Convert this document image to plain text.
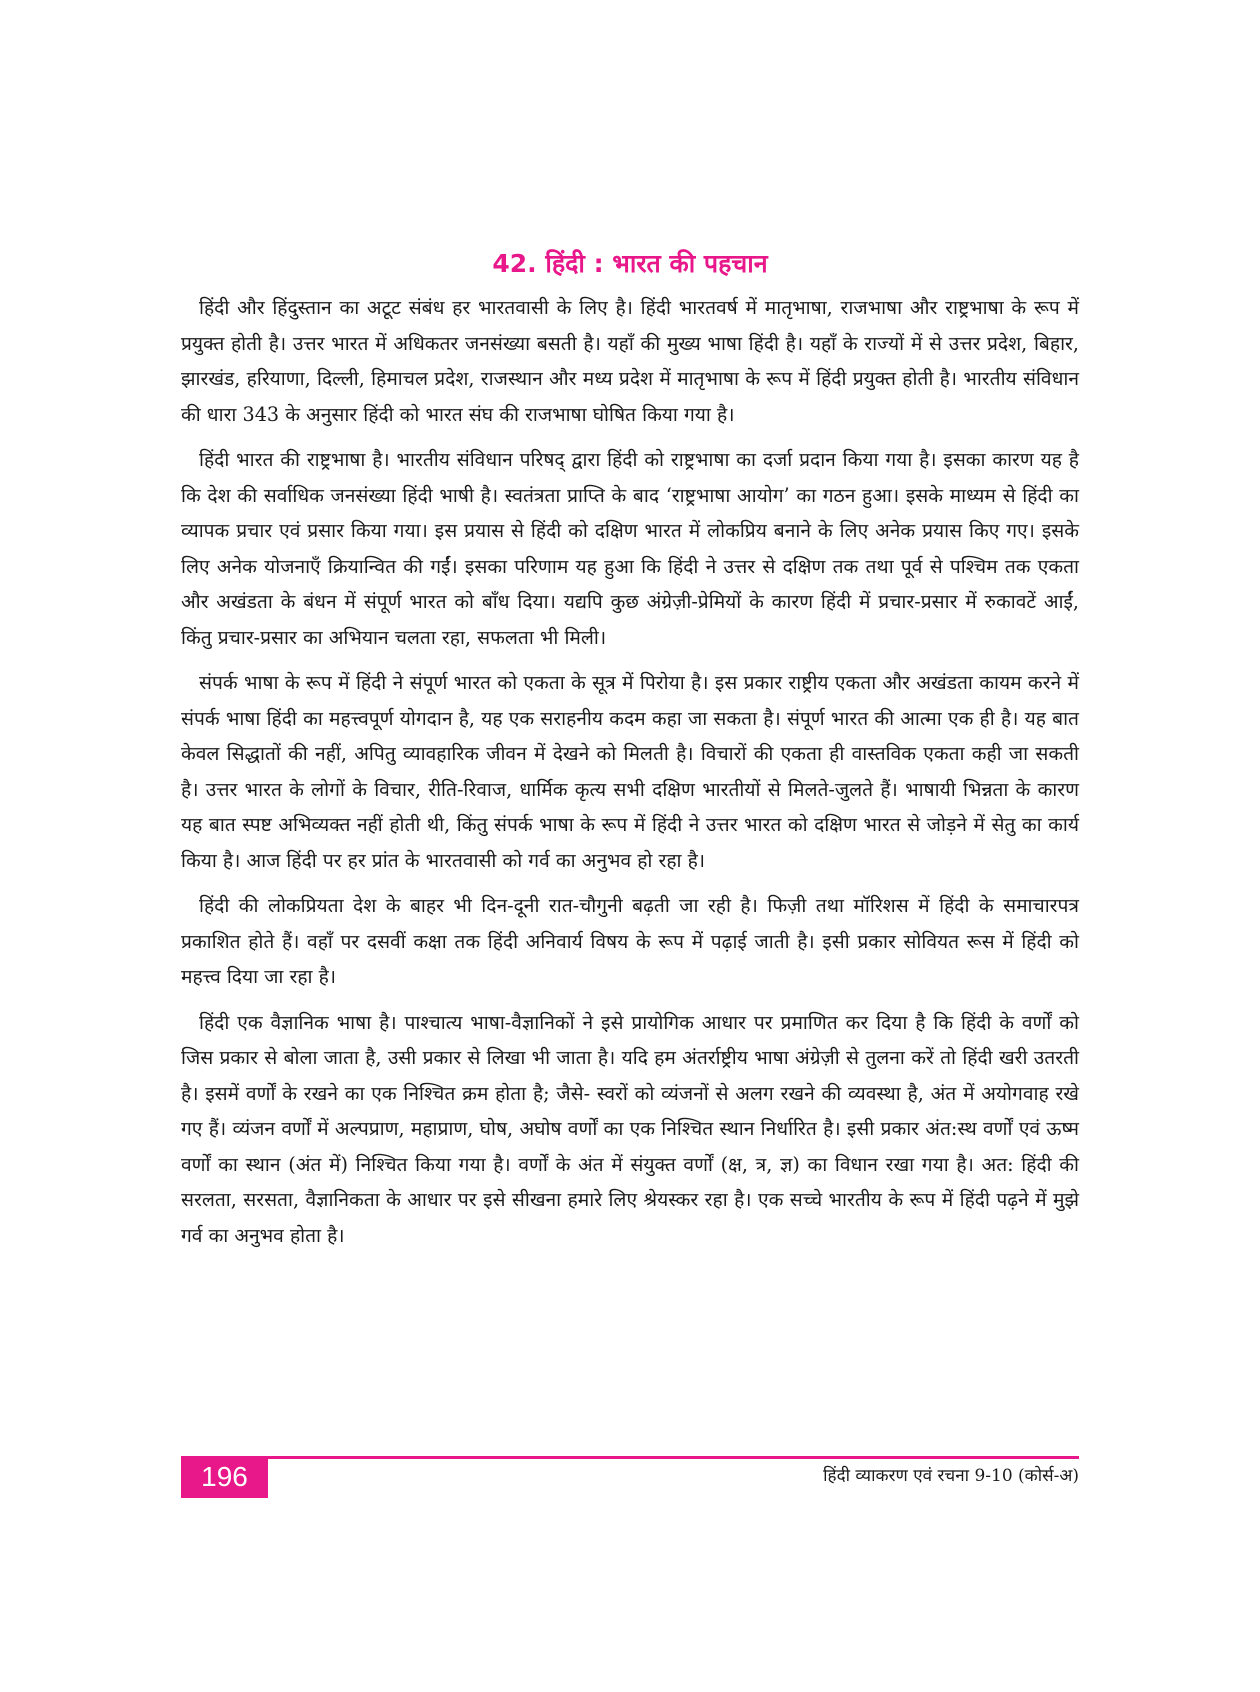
42. हिंदी : भारत की पहचान

हिंदी और हिंदुस्तान का अटूट संबंध हर भारतवासी के लिए है। हिंदी भारतवर्ष में मातृभाषा, राजभाषा और राष्ट्रभाषा के रूप में प्रयुक्त होती है। उत्तर भारत में अधिकतर जनसंख्या बसती है। यहाँ की मुख्य भाषा हिंदी है। यहाँ के राज्यों में से उत्तर प्रदेश, बिहार, झारखंड, हरियाणा, दिल्ली, हिमाचल प्रदेश, राजस्थान और मध्य प्रदेश में मातृभाषा के रूप में हिंदी प्रयुक्त होती है। भारतीय संविधान की धारा 343 के अनुसार हिंदी को भारत संघ की राजभाषा घोषित किया गया है।

हिंदी भारत की राष्ट्रभाषा है। भारतीय संविधान परिषद् द्वारा हिंदी को राष्ट्रभाषा का दर्जा प्रदान किया गया है। इसका कारण यह है कि देश की सर्वाधिक जनसंख्या हिंदी भाषी है। स्वतंत्रता प्राप्ति के बाद ‘राष्ट्रभाषा आयोग’ का गठन हुआ। इसके माध्यम से हिंदी का व्यापक प्रचार एवं प्रसार किया गया। इस प्रयास से हिंदी को दक्षिण भारत में लोकप्रिय बनाने के लिए अनेक प्रयास किए गए। इसके लिए अनेक योजनाएँ क्रियान्वित की गईं। इसका परिणाम यह हुआ कि हिंदी ने उत्तर से दक्षिण तक तथा पूर्व से पश्चिम तक एकता और अखंडता के बंधन में संपूर्ण भारत को बाँध दिया। यद्यपि कुछ अंग्रेज़ी-प्रेमियों के कारण हिंदी में प्रचार-प्रसार में रुकावटें आईं, किंतु प्रचार-प्रसार का अभियान चलता रहा, सफलता भी मिली।

संपर्क भाषा के रूप में हिंदी ने संपूर्ण भारत को एकता के सूत्र में पिरोया है। इस प्रकार राष्ट्रीय एकता और अखंडता कायम करने में संपर्क भाषा हिंदी का महत्त्वपूर्ण योगदान है, यह एक सराहनीय कदम कहा जा सकता है। संपूर्ण भारत की आत्मा एक ही है। यह बात केवल सिद्धातों की नहीं, अपितु व्यावहारिक जीवन में देखने को मिलती है। विचारों की एकता ही वास्तविक एकता कही जा सकती है। उत्तर भारत के लोगों के विचार, रीति-रिवाज, धार्मिक कृत्य सभी दक्षिण भारतीयों से मिलते-जुलते हैं। भाषायी भिन्नता के कारण यह बात स्पष्ट अभिव्यक्त नहीं होती थी, किंतु संपर्क भाषा के रूप में हिंदी ने उत्तर भारत को दक्षिण भारत से जोड़ने में सेतु का कार्य किया है। आज हिंदी पर हर प्रांत के भारतवासी को गर्व का अनुभव हो रहा है।

हिंदी की लोकप्रियता देश के बाहर भी दिन-दूनी रात-चौगुनी बढ़ती जा रही है। फिज़ी तथा मॉरिशस में हिंदी के समाचारपत्र प्रकाशित होते हैं। वहाँ पर दसवीं कक्षा तक हिंदी अनिवार्य विषय के रूप में पढ़ाई जाती है। इसी प्रकार सोवियत रूस में हिंदी को महत्त्व दिया जा रहा है।

हिंदी एक वैज्ञानिक भाषा है। पाश्चात्य भाषा-वैज्ञानिकों ने इसे प्रायोगिक आधार पर प्रमाणित कर दिया है कि हिंदी के वर्णों को जिस प्रकार से बोला जाता है, उसी प्रकार से लिखा भी जाता है। यदि हम अंतर्राष्ट्रीय भाषा अंग्रेज़ी से तुलना करें तो हिंदी खरी उतरती है। इसमें वर्णों के रखने का एक निश्चित क्रम होता है; जैसे- स्वरों को व्यंजनों से अलग रखने की व्यवस्था है, अंत में अयोगवाह रखे गए हैं। व्यंजन वर्णों में अल्पप्राण, महाप्राण, घोष, अघोष वर्णों का एक निश्चित स्थान निर्धारित है। इसी प्रकार अंत:स्थ वर्णों एवं ऊष्म वर्णों का स्थान (अंत में) निश्चित किया गया है। वर्णों के अंत में संयुक्त वर्णों (क्ष, त्र, ज्ञ) का विधान रखा गया है। अत: हिंदी की सरलता, सरसता, वैज्ञानिकता के आधार पर इसे सीखना हमारे लिए श्रेयस्कर रहा है। एक सच्चे भारतीय के रूप में हिंदी पढ़ने में मुझे गर्व का अनुभव होता है।

196	हिंदी व्याकरण एवं रचना 9-10 (कोर्स-अ)
